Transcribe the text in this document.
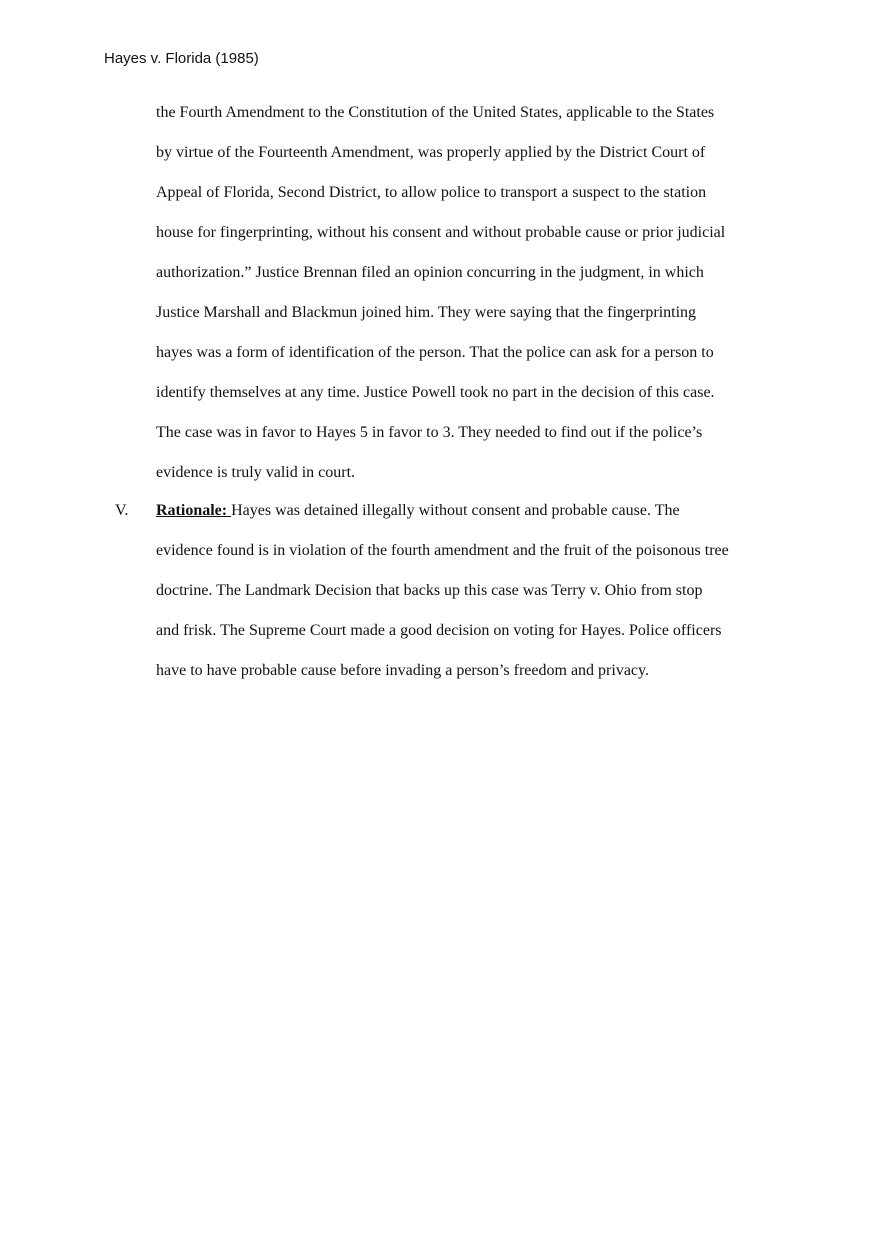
Hayes v. Florida (1985)
the Fourth Amendment to the Constitution of the United States, applicable to the States
by virtue of the Fourteenth Amendment, was properly applied by the District Court of
Appeal of Florida, Second District, to allow police to transport a suspect to the station
house for fingerprinting, without his consent and without probable cause or prior judicial
authorization.” Justice Brennan filed an opinion concurring in the judgment, in which
Justice Marshall and Blackmun joined him. They were saying that the fingerprinting
hayes was a form of identification of the person. That the police can ask for a person to
identify themselves at any time. Justice Powell took no part in the decision of this case.
The case was in favor to Hayes 5 in favor to 3. They needed to find out if the police’s
evidence is truly valid in court.
V. Rationale: Hayes was detained illegally without consent and probable cause. The
evidence found is in violation of the fourth amendment and the fruit of the poisonous tree
doctrine. The Landmark Decision that backs up this case was Terry v. Ohio from stop
and frisk. The Supreme Court made a good decision on voting for Hayes. Police officers
have to have probable cause before invading a person’s freedom and privacy.
